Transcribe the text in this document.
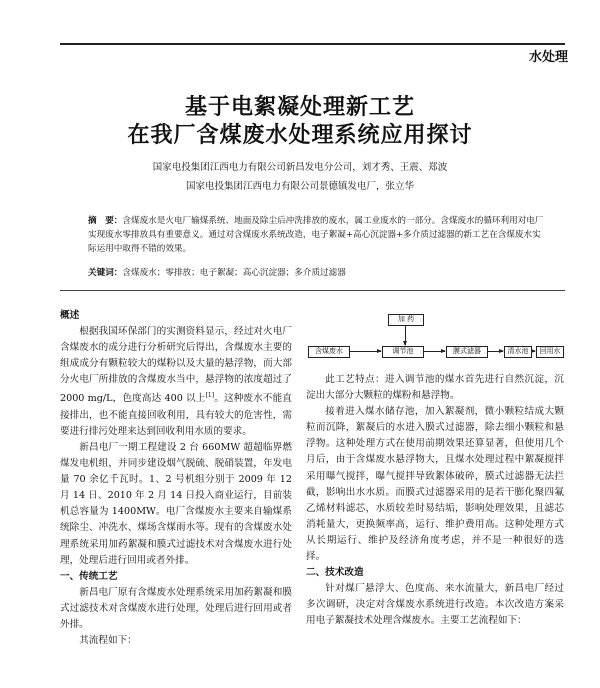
水处理
基于电絮凝处理新工艺
在我厂含煤废水处理系统应用探讨
国家电投集团江西电力有限公司新昌发电分公司，刘才秀、王震、郑波
国家电投集团江西电力有限公司景德镇发电厂，张立华
摘　要：含煤废水是火电厂输煤系统、地面及除尘后冲洗排放的废水，属工业废水的一部分。含煤废水的循环利用对电厂实现废水零排放具有重要意义。通过对含煤废水系统改造，电子絮凝+高心沉淀器+多介质过滤器的新工艺在含煤废水实际运用中取得不错的效果。
关键词：含煤废水；零排放；电子絮凝；高心沉淀器；多介质过滤器
概述

根据我国环保部门的实测资料显示，经过对火电厂含煤废水的成分进行分析研究后得出，含煤废水主要的组成成分有颗粒较大的煤粉以及大量的悬浮物，而大部分火电厂所排放的含煤废水当中，悬浮物的浓度超过了 2000 mg/L，色度高达 400 以上[1]。这种废水不能直接排出，也不能直接回收利用，具有较大的危害性，需要进行排污处理来达到回收利用水质的要求。

新昌电厂一期工程建设 2 台 660MW 超超临界燃煤发电机组，并同步建设烟气脱硫、脱硝装置，年发电量 70 余亿千瓦时。1、2 号机组分别于 2009 年 12 月 14 日、2010 年 2 月 14 日投入商业运行，目前装机总容量为 1400MW。电厂含煤废水主要来自输煤系统除尘、冲洗水、煤场含煤雨水等。现有的含煤废水处理系统采用加药絮凝和膜式过滤技术对含煤废水进行处理，处理后进行回用或者外排。

一、传统工艺

新昌电厂原有含煤废水处理系统采用加药絮凝和膜式过滤技术对含煤废水进行处理，处理后进行回用或者外排。

其流程如下：

加 药
含煤废水	调节池	膜式滤器	清水池	回用水

此工艺特点：进入调节池的煤水首先进行自然沉淀，沉淀出大部分大颗粒的煤粉和悬浮物。

接着进入煤水储存池，加入絮凝剂，微小颗粒结成大颗粒而沉降，絮凝后的水进入膜式过滤器，除去细小颗粒和悬浮物。这种处理方式在使用前期效果还算显著，但使用几个月后，由于含煤废水悬浮物大，且煤水处理过程中絮凝搅拌采用曝气搅拌，曝气搅拌导致絮体破碎，膜式过滤器无法拦截，影响出水水质。而膜式过滤器采用的是若干膨化聚四氟乙烯材料滤芯，水质较差时易结垢，影响处理效果，且滤芯消耗量大，更换频率高，运行、维护费用高。这种处理方式从长期运行、维护及经济角度考虑，并不是一种很好的选择。

二、技术改造

针对煤厂悬浮大、色度高、来水流量大，新昌电厂经过多次调研，决定对含煤废水系统进行改造。本次改造方案采用电子絮凝技术处理含煤废水。主要工艺流程如下：
